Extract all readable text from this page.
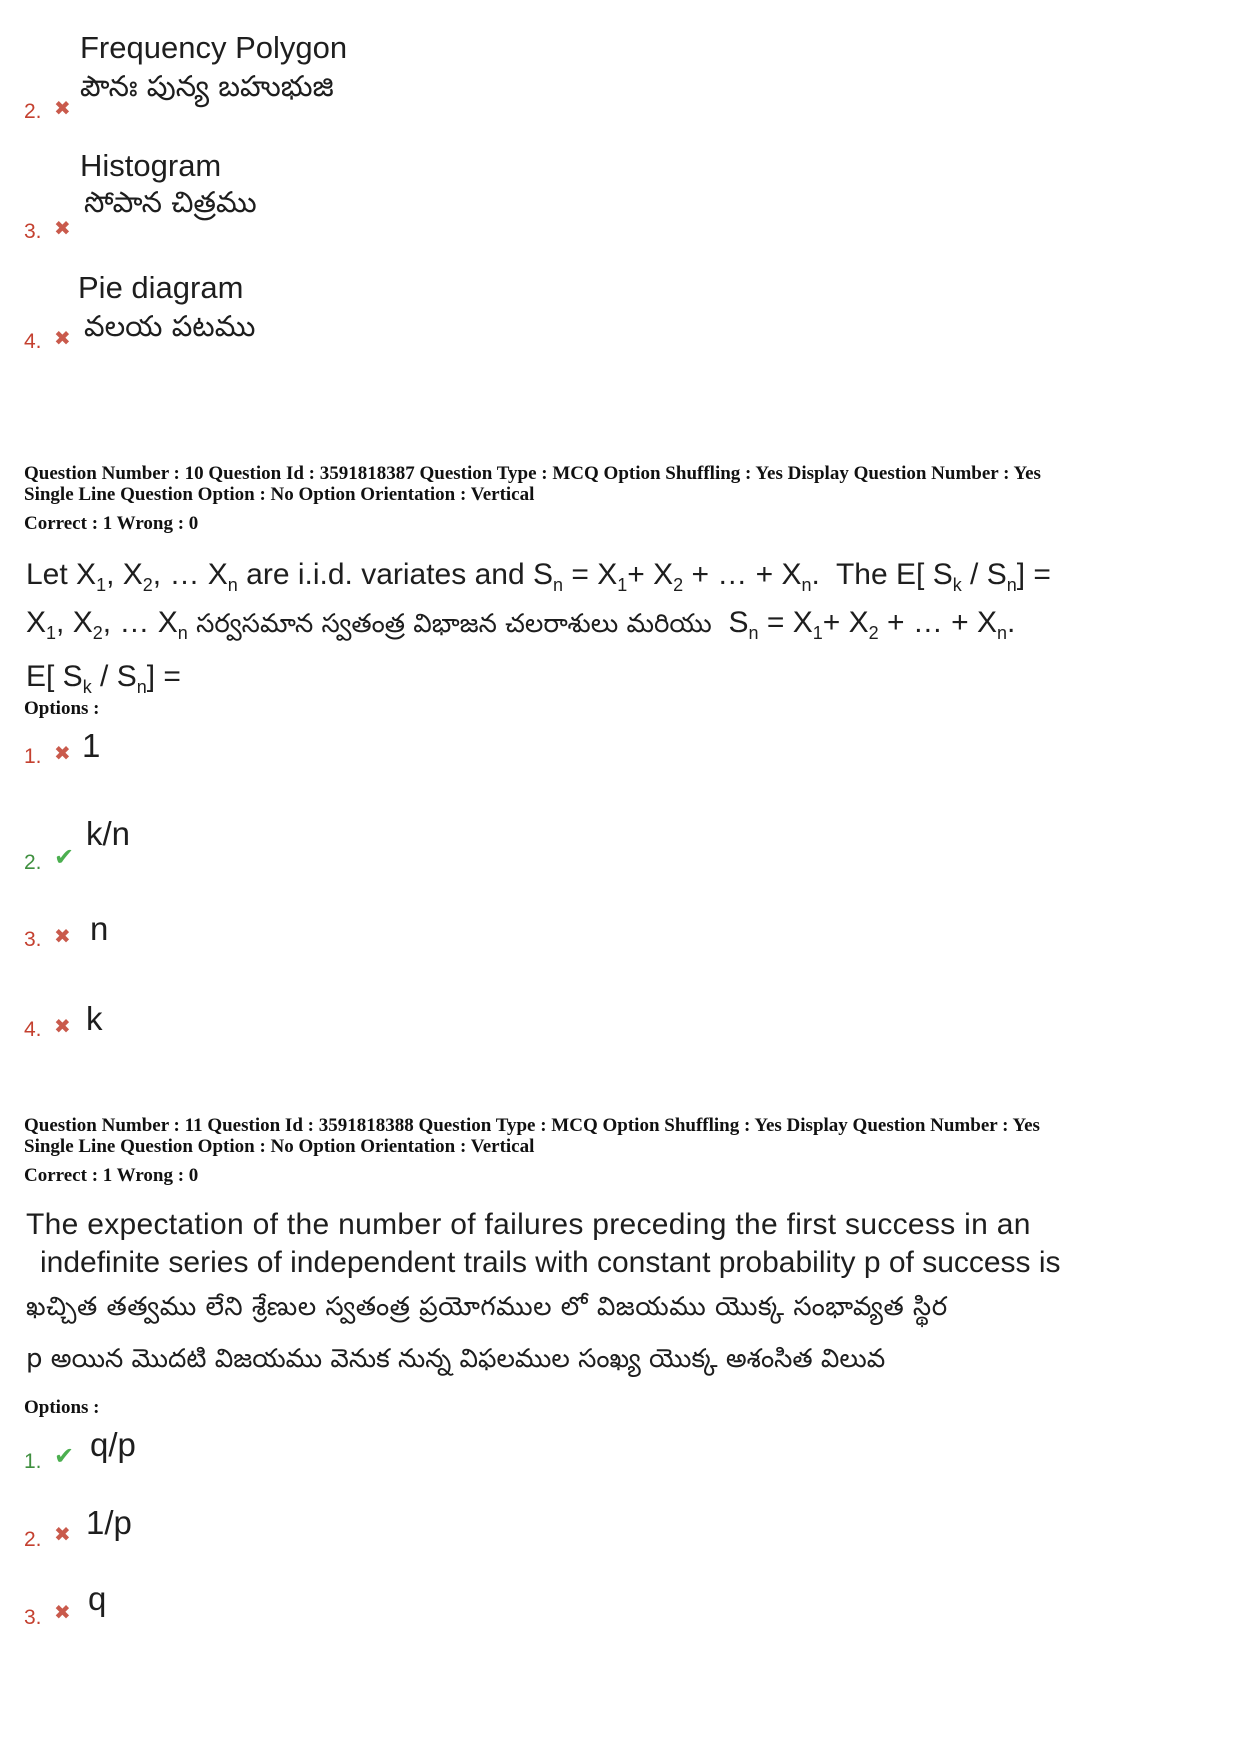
Frequency Polygon
పౌనః పున్య బహుభుజి
2. ✖
Histogram
సోపాన చిత్రము
3. ✖
Pie diagram
వలయ పటము
4. ✖
Question Number : 10 Question Id : 3591818387 Question Type : MCQ Option Shuffling : Yes Display Question Number : Yes
Single Line Question Option : No Option Orientation : Vertical
Correct : 1 Wrong : 0
Let $X_1$, $X_2$, … $X_n$ are i.i.d. variates and $S_n = X_1+ X_2$ + … + $X_n$.  The E[ $S_k / S_n$] =
$X_1$, $X_2$, … $X_n$ సర్వసమాన స్వతంత్ర విభాజన చలరాశులు మరియు  $S_n = X_1+ X_2$ + … + $X_n$.
E[ $S_k / S_n$] =
Options :
1. ✖ 1
2. ✔
k/n
3. ✖ n
4. ✖ k
Question Number : 11 Question Id : 3591818388 Question Type : MCQ Option Shuffling : Yes Display Question Number : Yes
Single Line Question Option : No Option Orientation : Vertical
Correct : 1 Wrong : 0
The expectation of the number of failures preceding the first success in an
indefinite series of independent trails with constant probability p of success is
ఖచ్చిత తత్వము లేని శ్రేణుల స్వతంత్ర ప్రయోగముల లో విజయము యొక్క సంభావ్యత స్థిర
p అయిన మొదటి విజయము వెనుక నున్న విఫలముల సంఖ్య యొక్క అశంసిత విలువ
Options :
1. ✔ q/p
2. ✖ 1/p
3. ✖ q
